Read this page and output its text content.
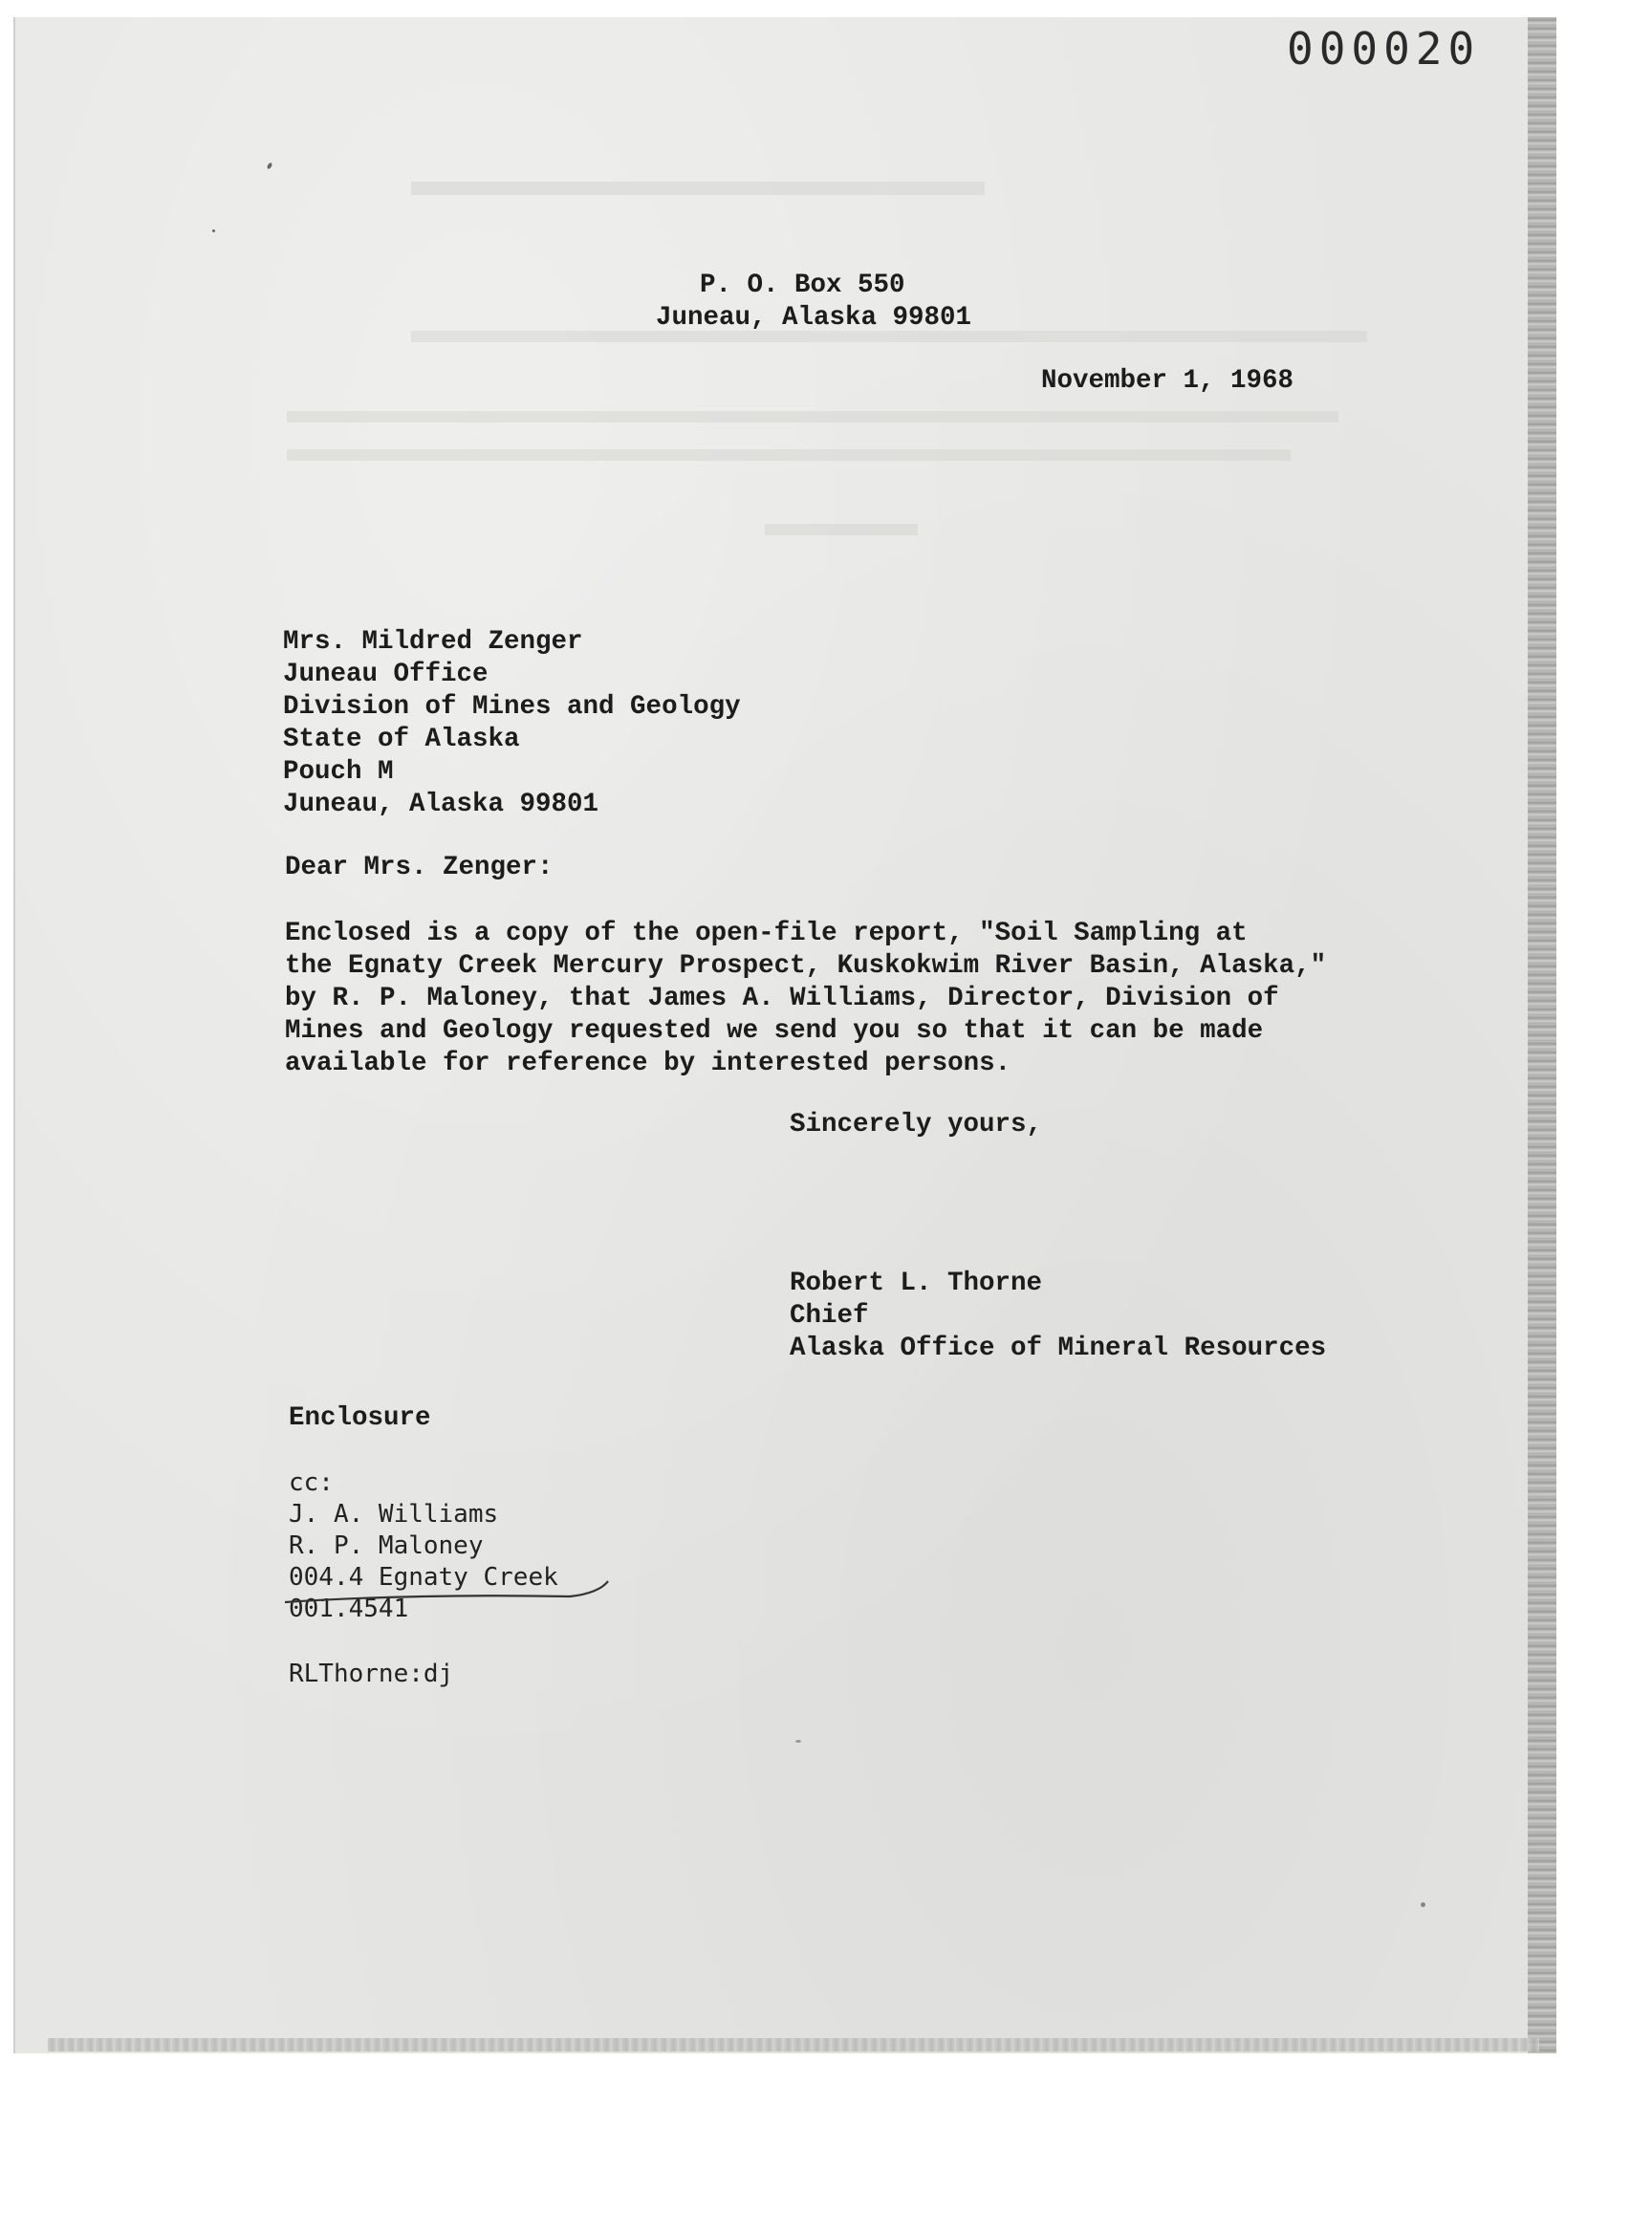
000020
P. O. Box 550
Juneau, Alaska 99801
November 1, 1968
Mrs. Mildred Zenger
Juneau Office
Division of Mines and Geology
State of Alaska
Pouch M
Juneau, Alaska 99801
Dear Mrs. Zenger:
Enclosed is a copy of the open-file report, "Soil Sampling at
the Egnaty Creek Mercury Prospect, Kuskokwim River Basin, Alaska,"
by R. P. Maloney, that James A. Williams, Director, Division of
Mines and Geology requested we send you so that it can be made
available for reference by interested persons.
Sincerely yours,
Robert L. Thorne
Chief
Alaska Office of Mineral Resources
Enclosure
cc:
J. A. Williams
R. P. Maloney
004.4 Egnaty Creek
001.4541
RLThorne:dj
